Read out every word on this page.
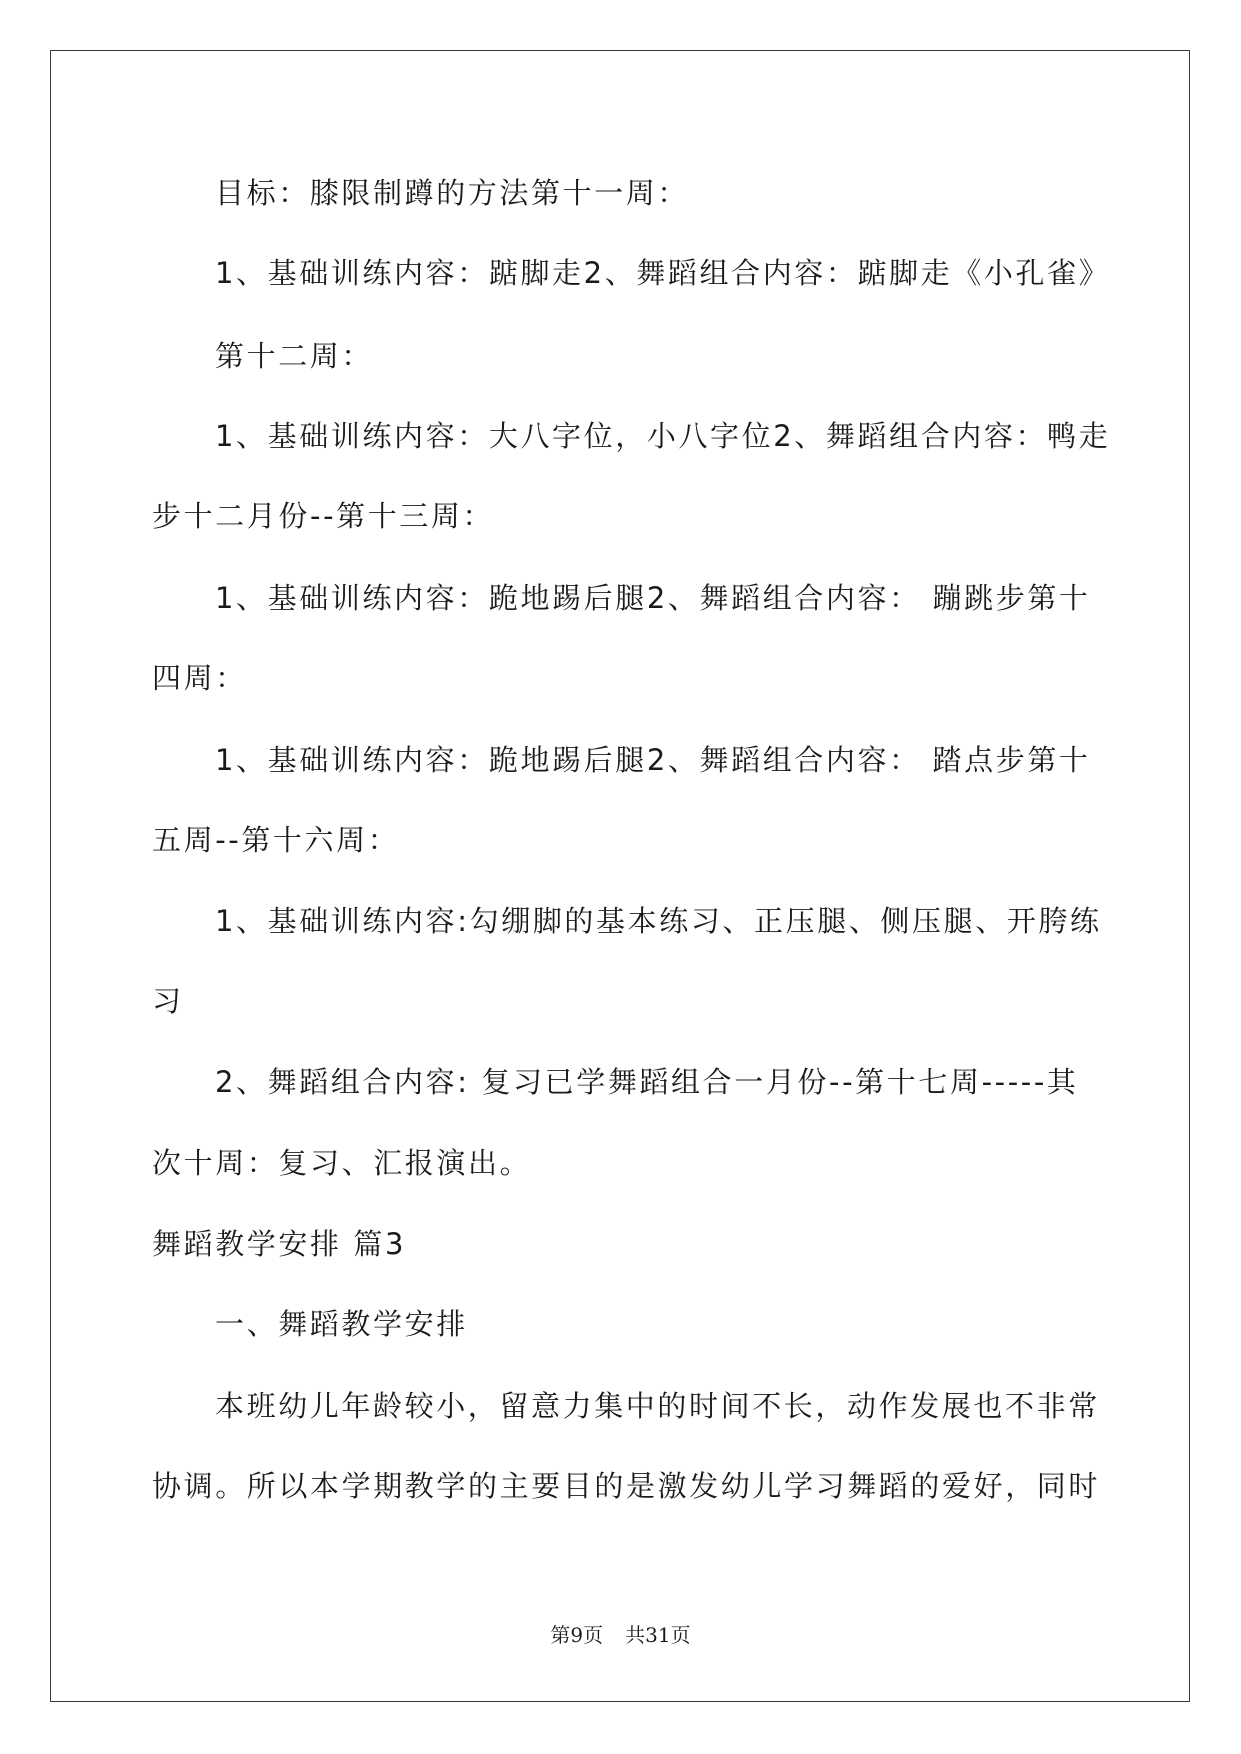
目标：膝限制蹲的方法第十一周：
1、基础训练内容：踮脚走2、舞蹈组合内容：踮脚走《小孔雀》
第十二周：
1、基础训练内容：大八字位，小八字位2、舞蹈组合内容：鸭走
步十二月份--第十三周：
1、基础训练内容：跪地踢后腿2、舞蹈组合内容： 蹦跳步第十
四周：
1、基础训练内容：跪地踢后腿2、舞蹈组合内容： 踏点步第十
五周--第十六周：
1、基础训练内容:勾绷脚的基本练习、正压腿、侧压腿、开胯练
习
2、舞蹈组合内容: 复习已学舞蹈组合一月份--第十七周-----其
次十周：复习、汇报演出。
舞蹈教学安排 篇3
一、舞蹈教学安排
本班幼儿年龄较小，留意力集中的时间不长，动作发展也不非常
协调。所以本学期教学的主要目的是激发幼儿学习舞蹈的爱好，同时
第9页 共31页
